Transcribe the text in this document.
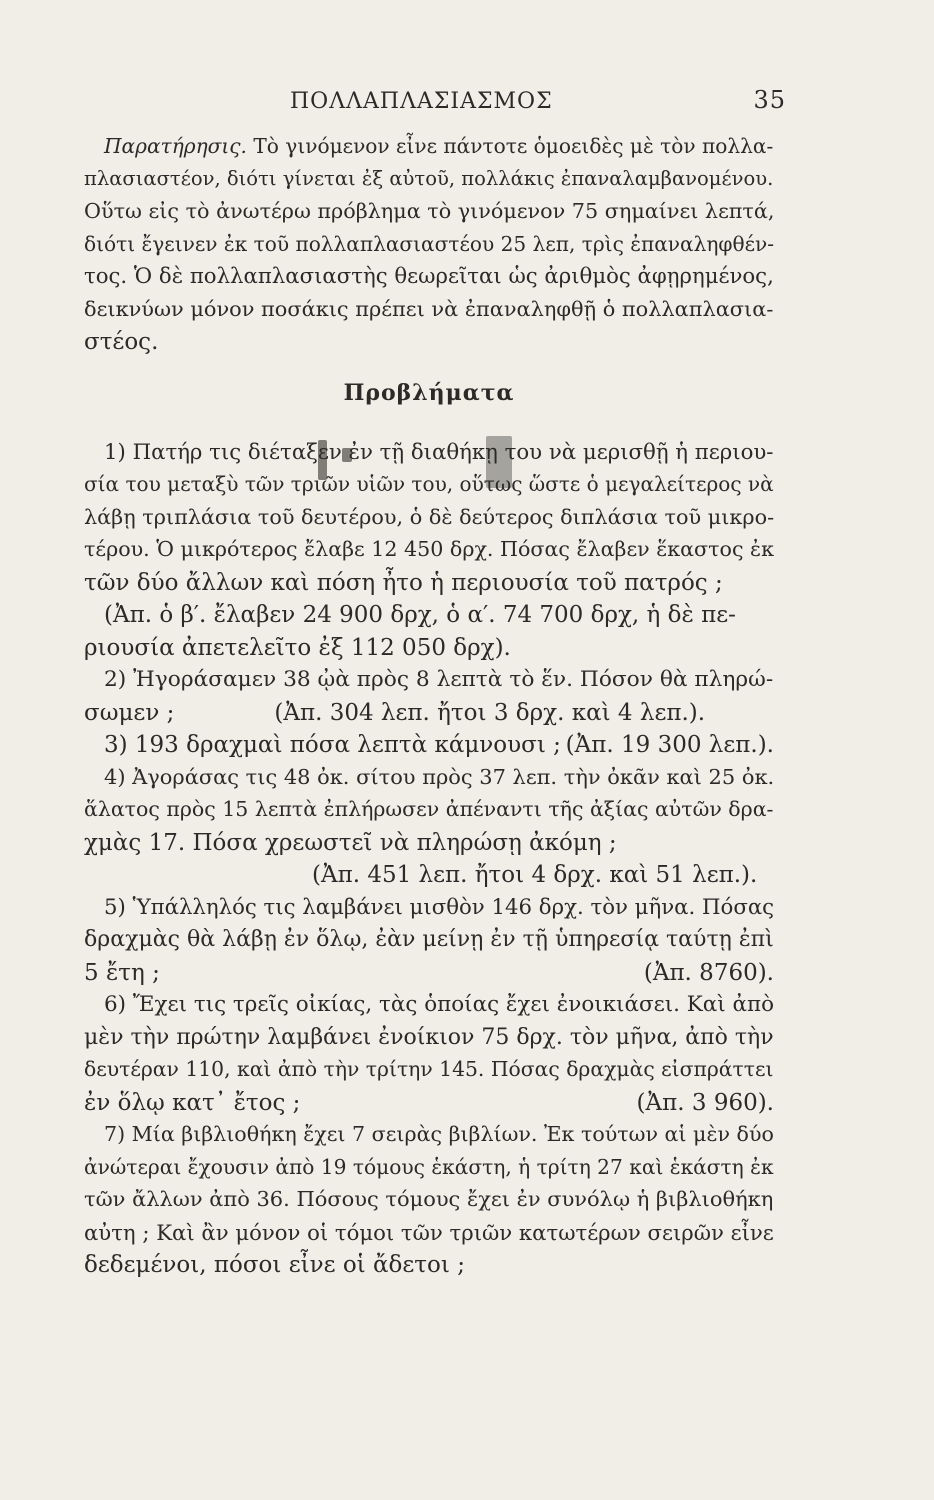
ΠΟΛΛΑΠΛΑΣΙΑΣΜΟΣ	35
Παρατήρησις.
Τὸ γινόμενον εἶνε πάντοτε ὁμοειδὲς μὲ τὸν πολλα-
πλασιαστέον, διότι γίνεται ἐξ αὐτοῦ, πολλάκις ἐπαναλαμβανομένου.
Οὕτω εἰς τὸ ἀνωτέρω πρόβλημα τὸ γινόμενον 75 σημαίνει λεπτά,
διότι ἔγεινεν ἐκ τοῦ πολλαπλασιαστέου 25 λεπ, τρὶς ἐπαναληφθέν-
τος. Ὁ δὲ πολλαπλασιαστὴς θεωρεῖται ὡς ἀριθμὸς ἀφῃρημένος,
δεικνύων μόνον ποσάκις πρέπει νὰ ἐπαναληφθῇ ὁ πολλαπλασια-
στέος.
Προβλήματα
1) Πατήρ τις διέταξεν ἐν τῇ διαθήκῃ του νὰ μερισθῇ ἡ περιου-
σία του μεταξὺ τῶν τριῶν υἱῶν του, οὕτως ὥστε ὁ μεγαλείτερος νὰ
λάβῃ τριπλάσια τοῦ δευτέρου, ὁ δὲ δεύτερος διπλάσια τοῦ μικρο-
τέρου. Ὁ μικρότερος ἔλαβε 12 450 δρχ. Πόσας ἔλαβεν ἕκαστος ἐκ
τῶν δύο ἄλλων καὶ πόση ἦτο ἡ περιουσία τοῦ πατρός ;
(Ἀπ. ὁ β′. ἔλαβεν 24 900 δρχ, ὁ α′. 74 700 δρχ, ἡ δὲ πε-
ριουσία ἀπετελεῖτο ἐξ 112 050 δρχ).
2) Ἠγοράσαμεν 38 ᾠὰ πρὸς 8 λεπτὰ τὸ ἕν. Πόσον θὰ πληρώ-
σωμεν ;	(Ἀπ. 304 λεπ. ἤτοι 3 δρχ. καὶ 4 λεπ.).
3) 193 δραχμαὶ πόσα λεπτὰ κάμνουσι ; (Ἀπ. 19 300 λεπ.).
4) Ἀγοράσας τις 48 ὀκ. σίτου πρὸς 37 λεπ. τὴν ὀκᾶν καὶ 25 ὀκ.
ἅλατος πρὸς 15 λεπτὰ ἐπλήρωσεν ἀπέναντι τῆς ἀξίας αὐτῶν δρα-
χμὰς 17. Πόσα χρεωστεῖ νὰ πληρώσῃ ἀκόμη ;
(Ἀπ. 451 λεπ. ἤτοι 4 δρχ. καὶ 51 λεπ.).
5) Ὑπάλληλός τις λαμβάνει μισθὸν 146 δρχ. τὸν μῆνα. Πόσας
δραχμὰς θὰ λάβῃ ἐν ὅλῳ, ἐὰν μείνῃ ἐν τῇ ὑπηρεσίᾳ ταύτῃ ἐπὶ
5 ἔτη ;	(Ἀπ. 8760).
6) Ἔχει τις τρεῖς οἰκίας, τὰς ὁποίας ἔχει ἐνοικιάσει. Καὶ ἀπὸ
μὲν τὴν πρώτην λαμβάνει ἐνοίκιον 75 δρχ. τὸν μῆνα, ἀπὸ τὴν
δευτέραν 110, καὶ ἀπὸ τὴν τρίτην 145. Πόσας δραχμὰς εἰσπράττει
ἐν ὅλῳ κατ᾽ ἔτος ;	(Ἀπ. 3 960).
7) Μία βιβλιοθήκη ἔχει 7 σειρὰς βιβλίων. Ἐκ τούτων αἱ μὲν δύο
ἀνώτεραι ἔχουσιν ἀπὸ 19 τόμους ἑκάστη, ἡ τρίτη 27 καὶ ἑκάστη ἐκ
τῶν ἄλλων ἀπὸ 36. Πόσους τόμους ἔχει ἐν συνόλῳ ἡ βιβλιοθήκη
αὐτη ; Καὶ ἂν μόνον οἱ τόμοι τῶν τριῶν κατωτέρων σειρῶν εἶνε
δεδεμένοι, πόσοι εἶνε οἱ ἄδετοι ;
